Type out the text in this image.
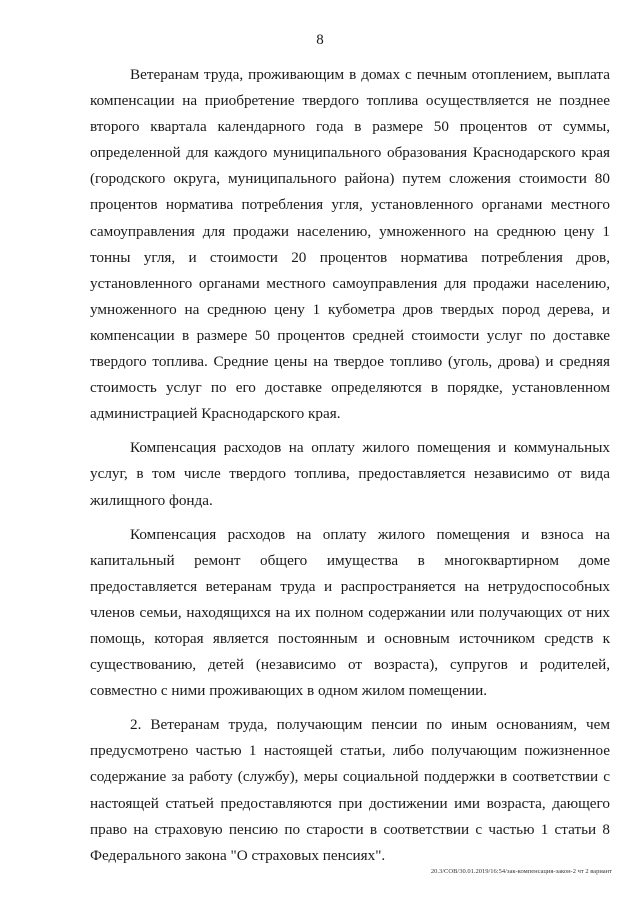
8

Ветеранам труда, проживающим в домах с печным отоплением, выплата компенсации на приобретение твердого топлива осуществляется не позднее второго квартала календарного года в размере 50 процентов от суммы, определенной для каждого муниципального образования Краснодарского края (городского округа, муниципального района) путем сложения стоимости 80 процентов норматива потребления угля, установленного органами местного самоуправления для продажи населению, умноженного на среднюю цену 1 тонны угля, и стоимости 20 процентов норматива потребления дров, установленного органами местного самоуправления для продажи населению, умноженного на среднюю цену 1 кубометра дров твердых пород дерева, и компенсации в размере 50 процентов средней стоимости услуг по доставке твердого топлива. Средние цены на твердое топливо (уголь, дрова) и средняя стоимость услуг по его доставке определяются в порядке, установленном администрацией Краснодарского края.

Компенсация расходов на оплату жилого помещения и коммунальных услуг, в том числе твердого топлива, предоставляется независимо от вида жилищного фонда.

Компенсация расходов на оплату жилого помещения и взноса на капитальный ремонт общего имущества в многоквартирном доме предоставляется ветеранам труда и распространяется на нетрудоспособных членов семьи, находящихся на их полном содержании или получающих от них помощь, которая является постоянным и основным источником средств к существованию, детей (независимо от возраста), супругов и родителей, совместно с ними проживающих в одном жилом помещении.

2. Ветеранам труда, получающим пенсии по иным основаниям, чем предусмотрено частью 1 настоящей статьи, либо получающим пожизненное содержание за работу (службу), меры социальной поддержки в соответствии с настоящей статьей предоставляются при достижении ими возраста, дающего право на страховую пенсию по старости в соответствии с частью 1 статьи 8 Федерального закона "О страховых пенсиях".

20.3/СОВ/30.01.2019/16:54/зак-компенсация-закон-2 чт 2 вариант
